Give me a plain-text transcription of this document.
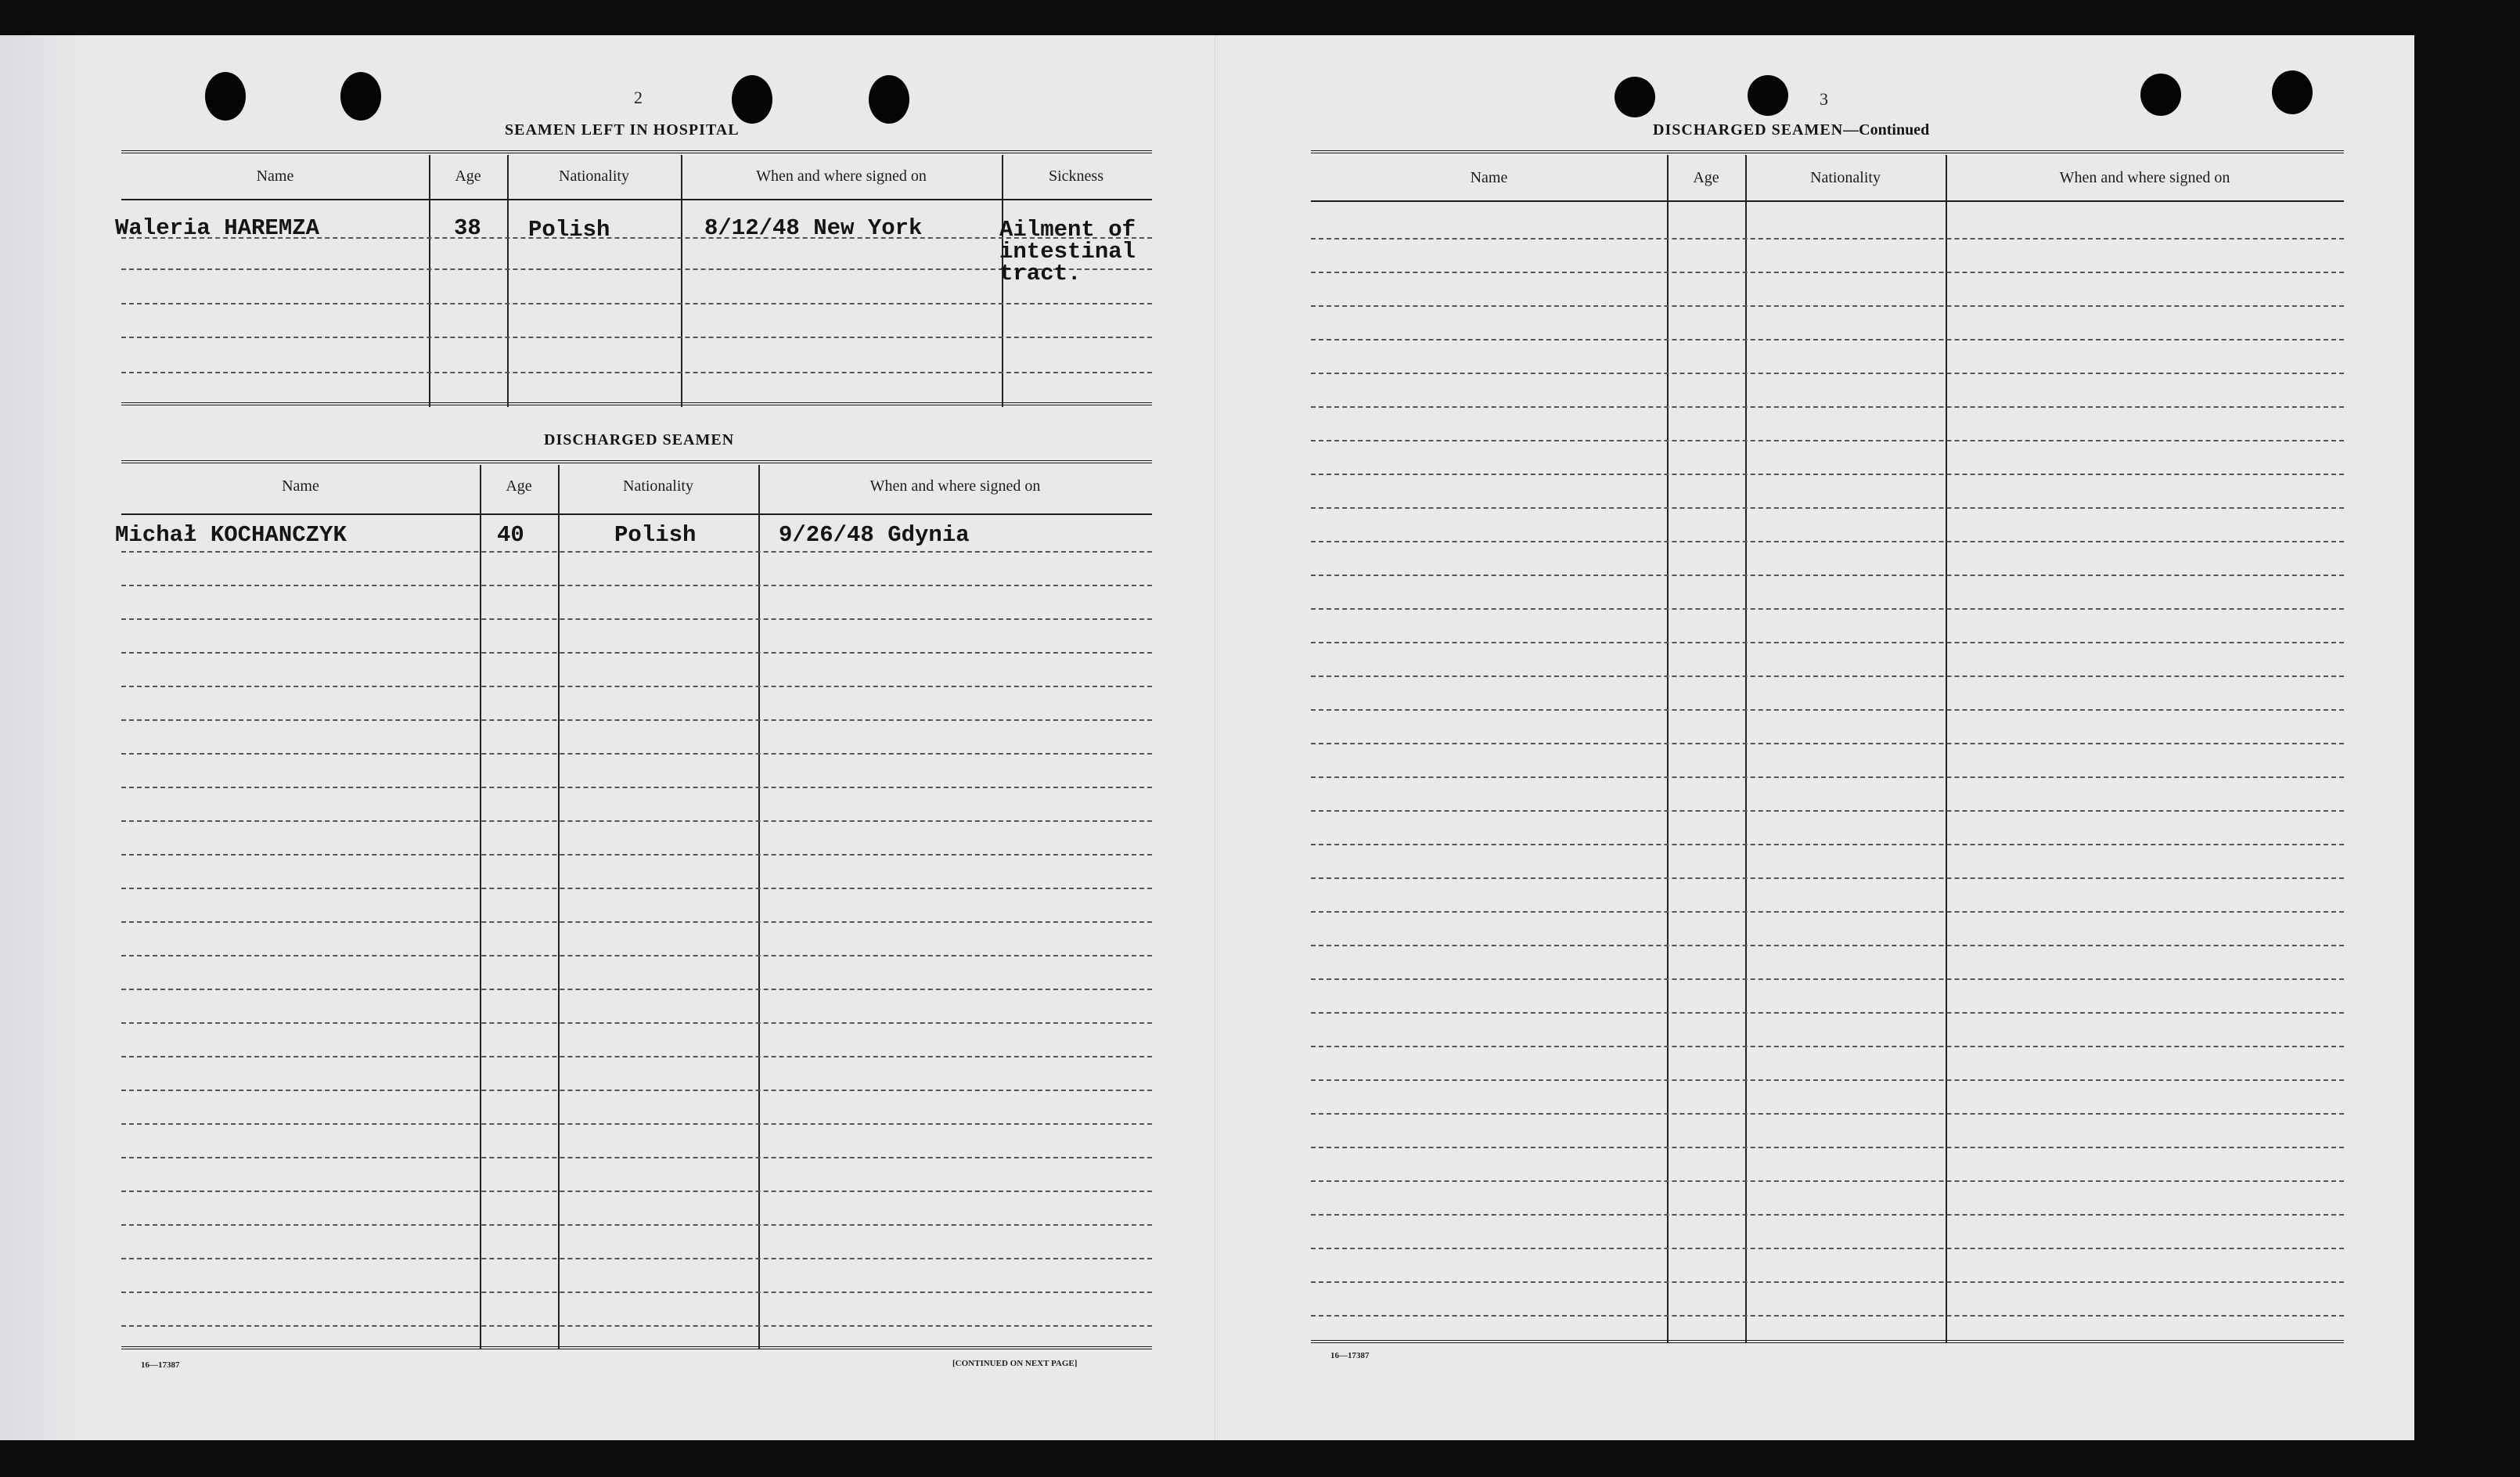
2
SEAMEN LEFT IN HOSPITAL
Name	Age	Nationality	When and where signed on	Sickness
Waleria HAREMZA	38 Polish	8/12/48 New York	Ailment of
intestinal
tract.
DISCHARGED SEAMEN
Name	Age	Nationality	When and where signed on
Michał KOCHANCZYK	40	Polish	9/26/48 Gdynia
16—17387	[CONTINUED ON NEXT PAGE]
3
DISCHARGED SEAMEN—Continued
Name	Age	Nationality	When and where signed on
16—17387
